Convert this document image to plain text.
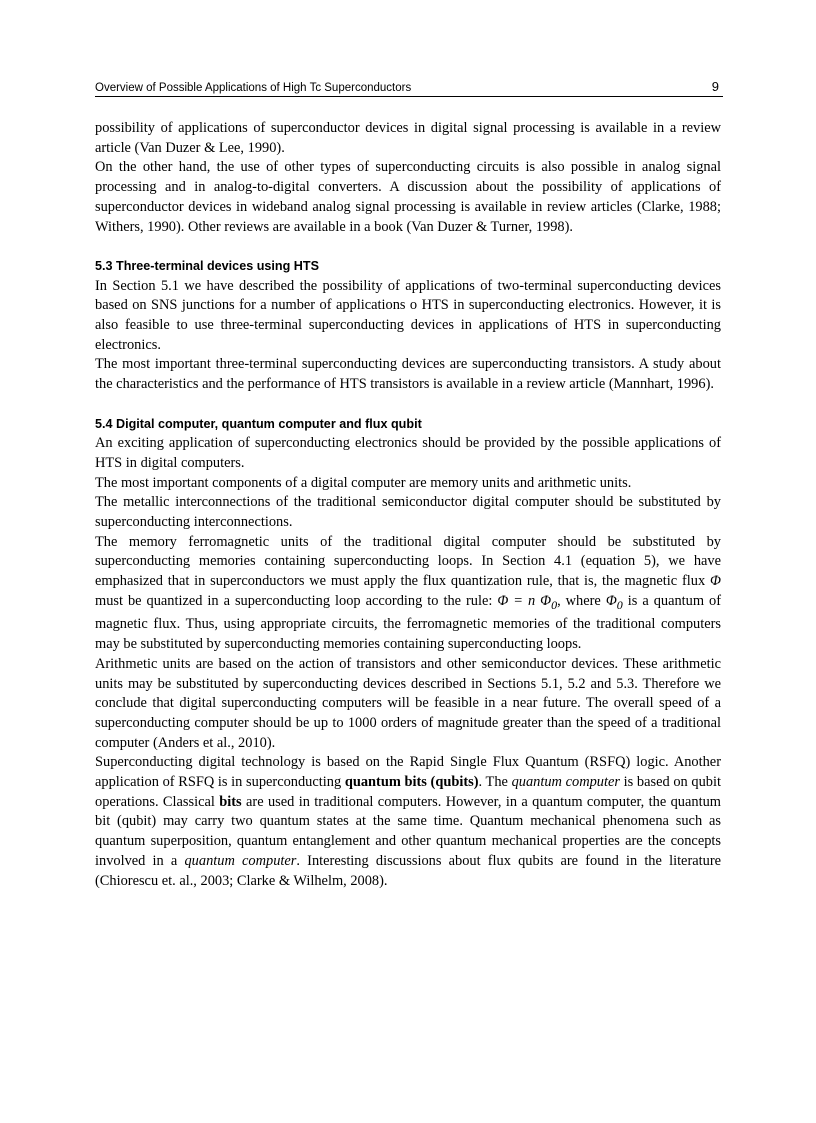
Overview of Possible Applications of High Tc Superconductors	9

possibility of applications of superconductor devices in digital signal processing is available in a review article (Van Duzer & Lee, 1990).

On the other hand, the use of other types of superconducting circuits is also possible in analog signal processing and in analog-to-digital converters. A discussion about the possibility of applications of superconductor devices in wideband analog signal processing is available in review articles (Clarke, 1988; Withers, 1990). Other reviews are available in a book (Van Duzer & Turner, 1998).

5.3 Three-terminal devices using HTS

In Section 5.1 we have described the possibility of applications of two-terminal superconducting devices based on SNS junctions for a number of applications o HTS in superconducting electronics. However, it is also feasible to use three-terminal superconducting devices in applications of HTS in superconducting electronics.

The most important three-terminal superconducting devices are superconducting transistors. A study about the characteristics and the performance of HTS transistors is available in a review article (Mannhart, 1996).

5.4 Digital computer, quantum computer and flux qubit

An exciting application of superconducting electronics should be provided by the possible applications of HTS in digital computers.

The most important components of a digital computer are memory units and arithmetic units.

The metallic interconnections of the traditional semiconductor digital computer should be substituted by superconducting interconnections.

The memory ferromagnetic units of the traditional digital computer should be substituted by superconducting memories containing superconducting loops. In Section 4.1 (equation 5), we have emphasized that in superconductors we must apply the flux quantization rule, that is, the magnetic flux Φ must be quantized in a superconducting loop according to the rule: Φ = n $\Phi_0$, where $\Phi_0$ is a quantum of magnetic flux. Thus, using appropriate circuits, the ferromagnetic memories of the traditional computers may be substituted by superconducting memories containing superconducting loops.

Arithmetic units are based on the action of transistors and other semiconductor devices. These arithmetic units may be substituted by superconducting devices described in Sections 5.1, 5.2 and 5.3. Therefore we conclude that digital superconducting computers will be feasible in a near future. The overall speed of a superconducting computer should be up to 1000 orders of magnitude greater than the speed of a traditional computer (Anders et al., 2010).

Superconducting digital technology is based on the Rapid Single Flux Quantum (RSFQ) logic. Another application of RSFQ is in superconducting quantum bits (qubits). The quantum computer is based on qubit operations. Classical bits are used in traditional computers. However, in a quantum computer, the quantum bit (qubit) may carry two quantum states at the same time. Quantum mechanical phenomena such as quantum superposition, quantum entanglement and other quantum mechanical properties are the concepts involved in a quantum computer. Interesting discussions about flux qubits are found in the literature (Chiorescu et. al., 2003; Clarke & Wilhelm, 2008).
